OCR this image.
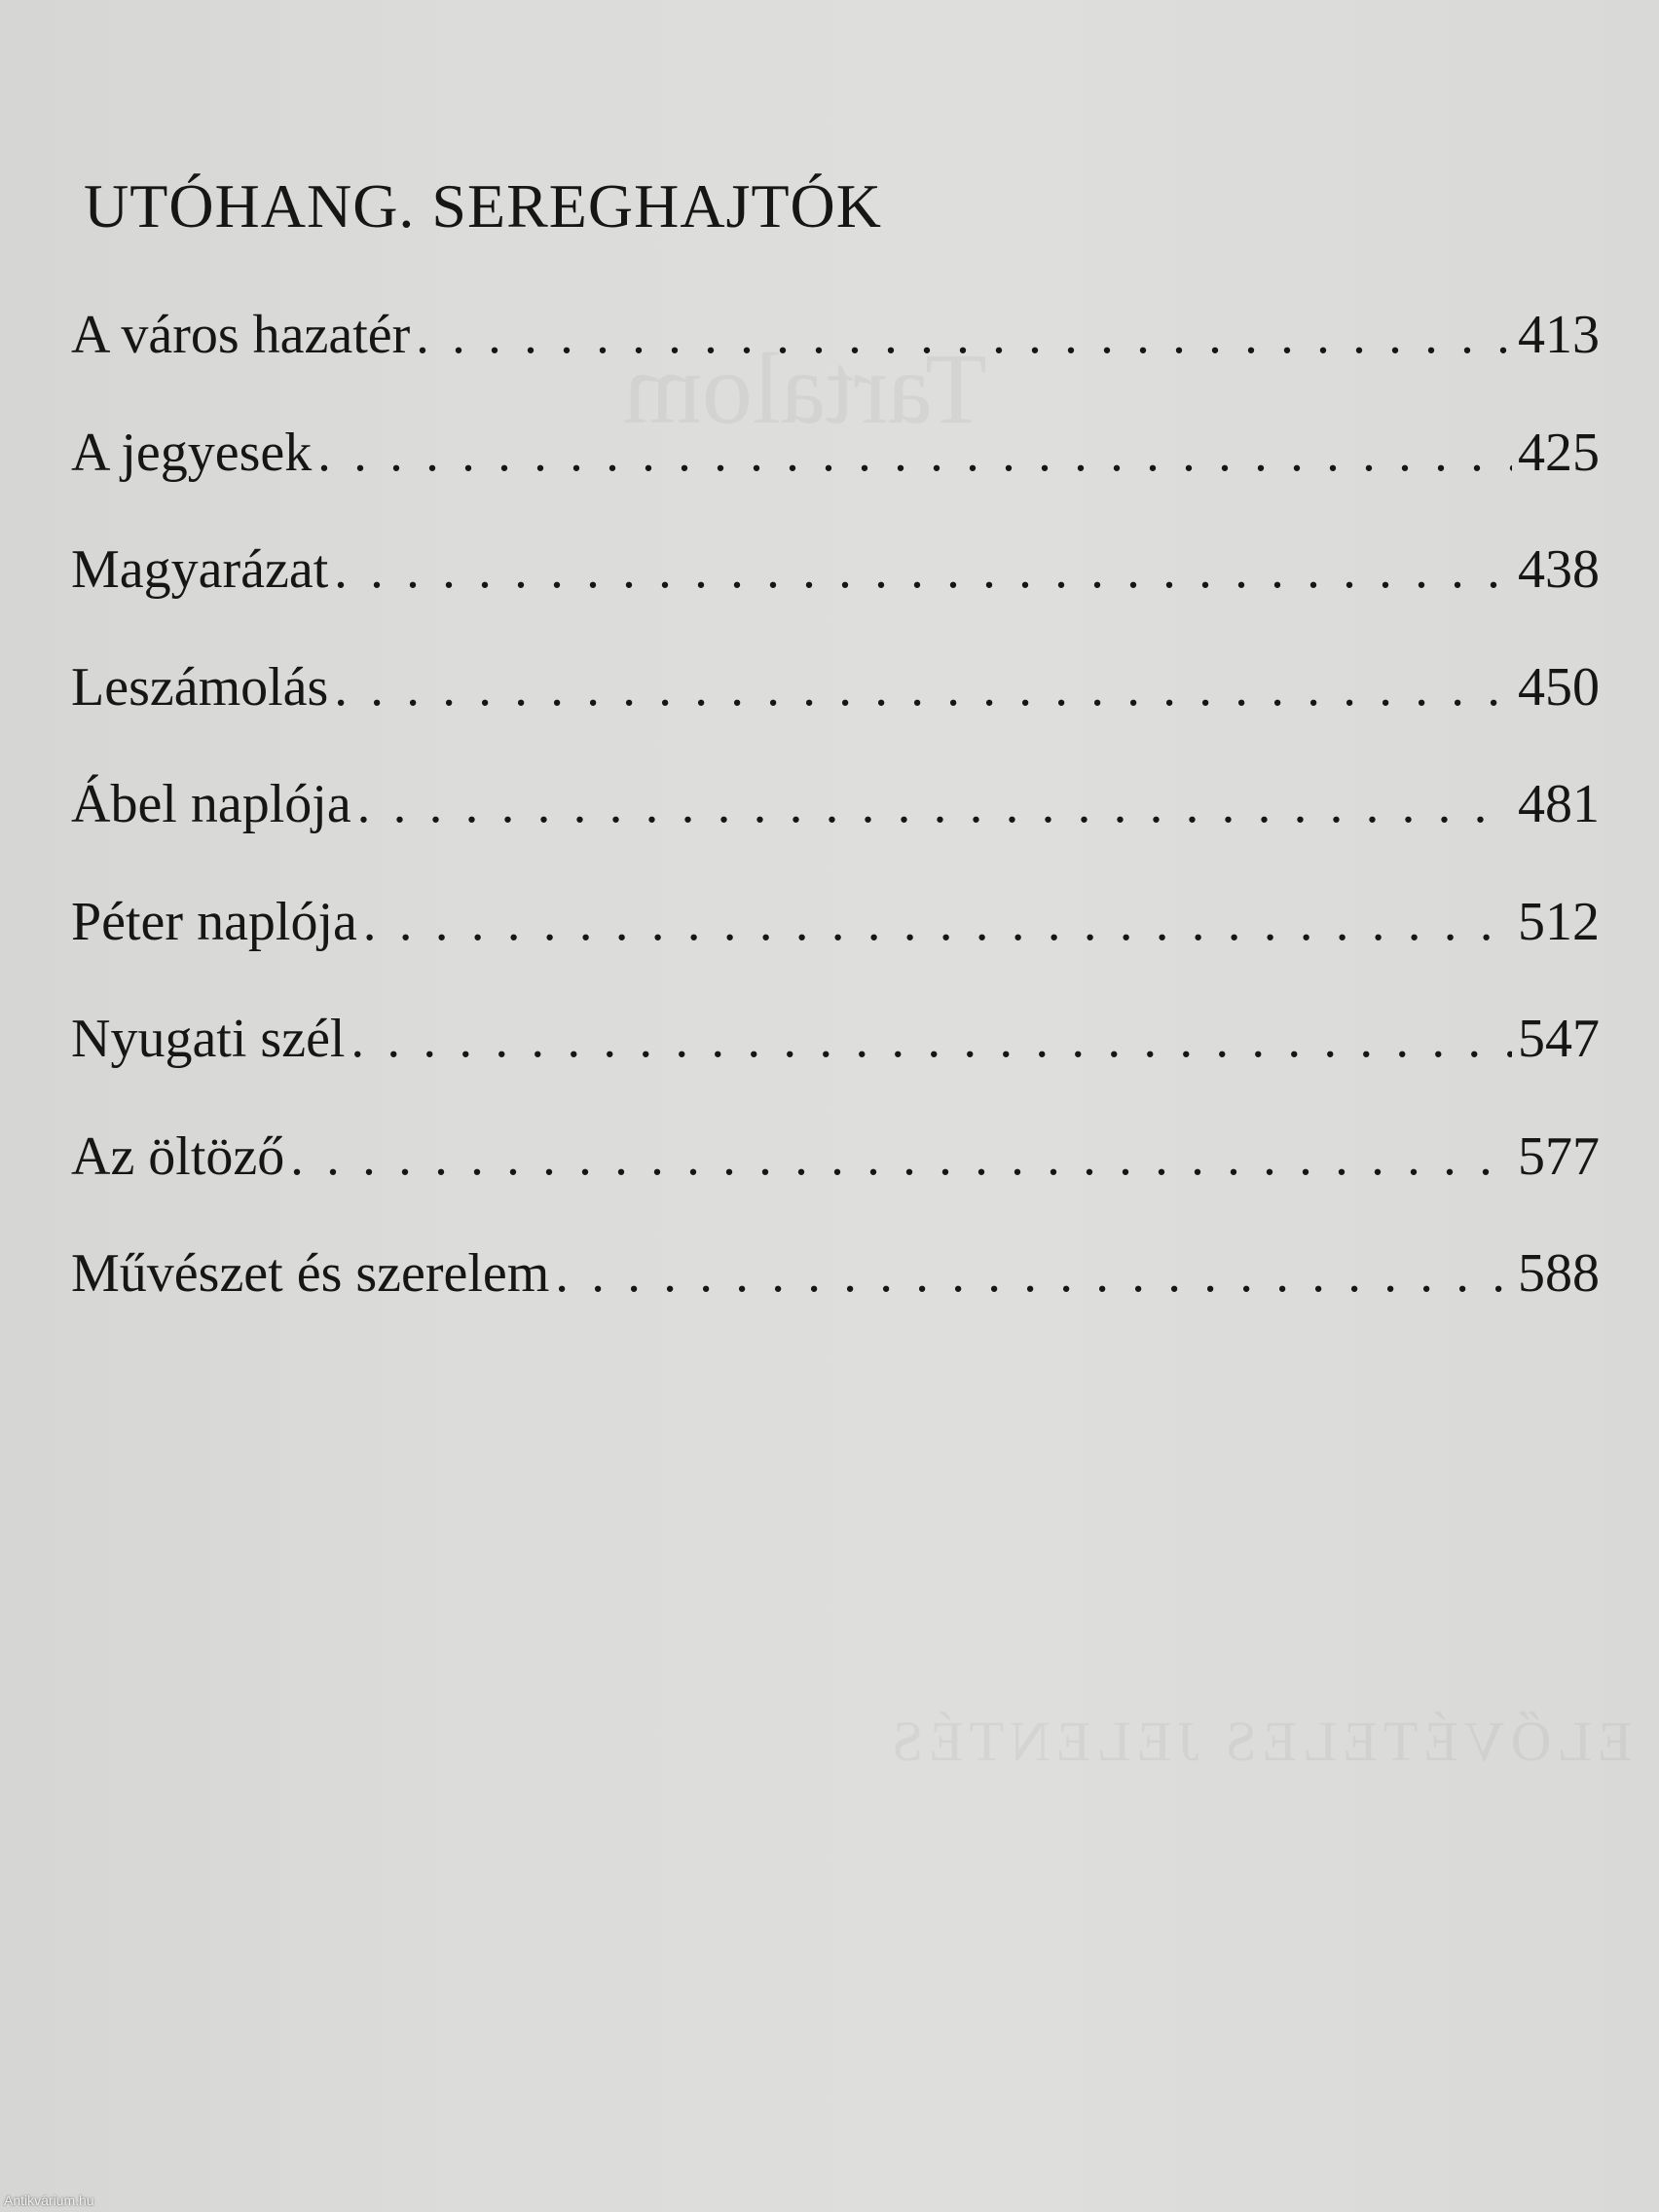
Tartalom
ELŐVÉTELES JELENTÉS
UTÓHANG. SEREGHAJTÓK
A város hazatér . . .	413
A jegyesek . . .	425
Magyarázat . . .	438
Leszámolás . . .	450
Ábel naplója . . .	481
Péter naplója . . .	512
Nyugati szél . . .	547
Az öltöző . . .	577
Művészet és szerelem . . .	588
Antikvárium.hu
